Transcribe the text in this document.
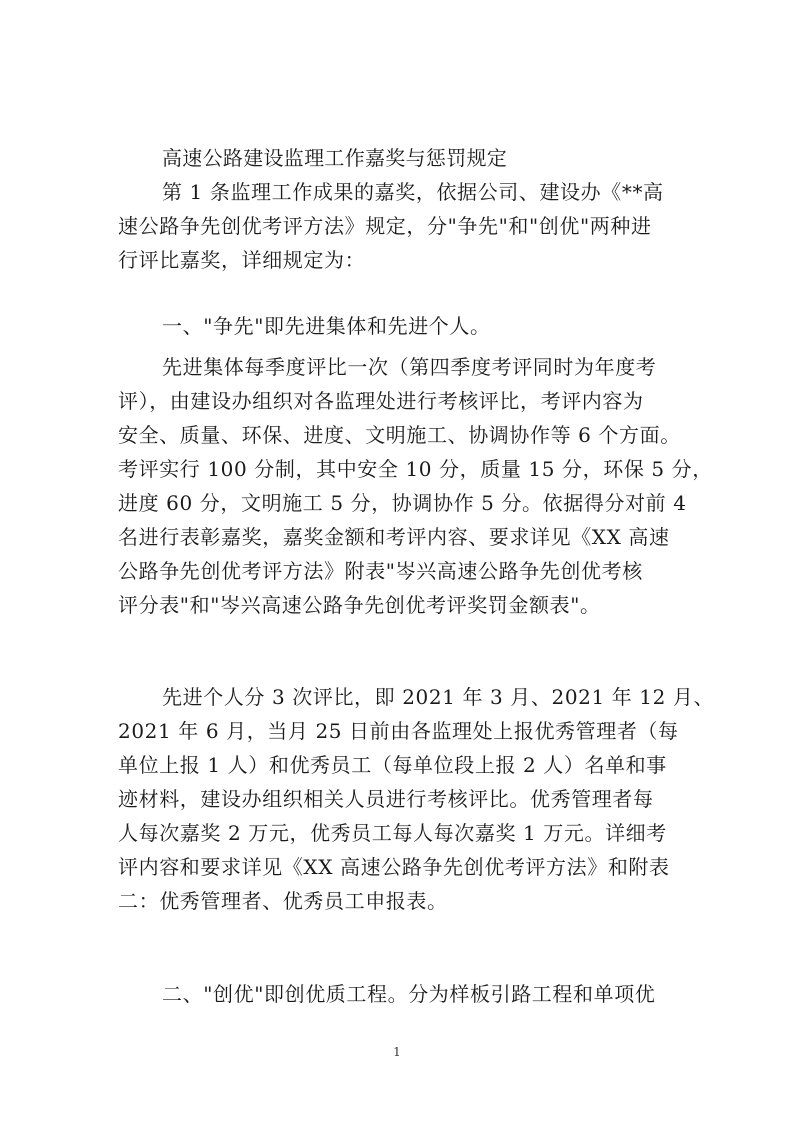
高速公路建设监理工作嘉奖与惩罚规定
第 1 条监理工作成果的嘉奖，依据公司、建设办《**高
速公路争先创优考评方法》规定，分"争先"和"创优"两种进
行评比嘉奖，详细规定为：
一、"争先"即先进集体和先进个人。
先进集体每季度评比一次（第四季度考评同时为年度考
评），由建设办组织对各监理处进行考核评比，考评内容为
安全、质量、环保、进度、文明施工、协调协作等 6 个方面。
考评实行 100 分制，其中安全 10 分，质量 15 分，环保 5 分，
进度 60 分，文明施工 5 分，协调协作 5 分。依据得分对前 4
名进行表彰嘉奖，嘉奖金额和考评内容、要求详见《XX 高速
公路争先创优考评方法》附表"岑兴高速公路争先创优考核
评分表"和"岑兴高速公路争先创优考评奖罚金额表"。
先进个人分 3 次评比，即 2021 年 3 月、2021 年 12 月、
2021 年 6 月，当月 25 日前由各监理处上报优秀管理者（每
单位上报 1 人）和优秀员工（每单位段上报 2 人）名单和事
迹材料，建设办组织相关人员进行考核评比。优秀管理者每
人每次嘉奖 2 万元，优秀员工每人每次嘉奖 1 万元。详细考
评内容和要求详见《XX 高速公路争先创优考评方法》和附表
二：优秀管理者、优秀员工申报表。
二、"创优"即创优质工程。分为样板引路工程和单项优
1
